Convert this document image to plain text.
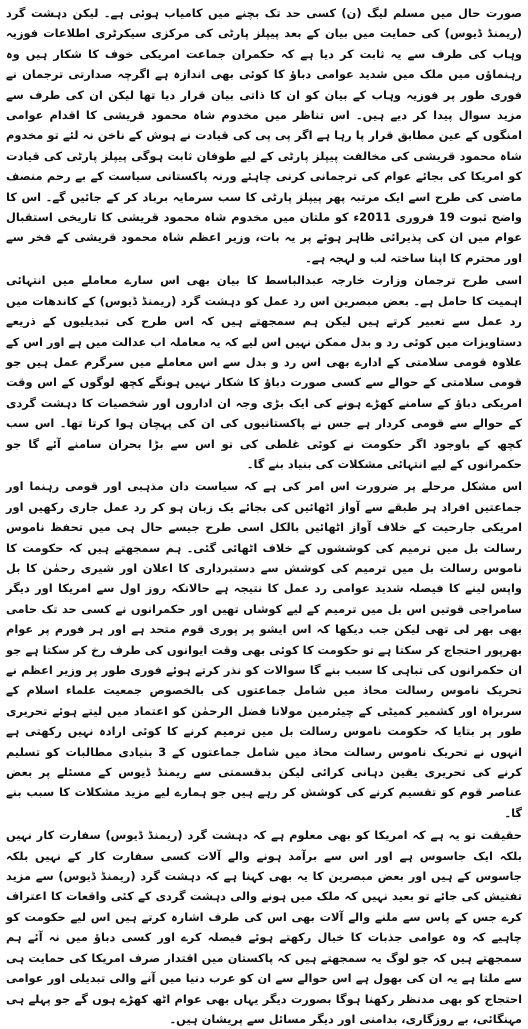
صورت حال میں مسلم لیگ (ن) کسی حد تک بچنے میں کامیاب ہوئی ہے۔ لیکن دہشت گرد (ریمنڈ ڈیوس) کی حمایت میں بیان کے بعد پیپلز پارٹی کی مرکزی سیکرٹری اطلاعات فوزیہ وہاب کی طرف سے یہ ثابت کر دیا ہے کہ حکمران جماعت امریکی خوف کا شکار ہیں وہ رہنماؤں میں ملک میں شدید عوامی دباؤ کا کوئی بھی اندازہ ہے اگرچہ صدارتی ترجمان نے فوری طور پر فوزیہ وہاب کے بیان کو ان کا ذاتی بیان قرار دیا تھا لیکن ان کی طرف سے مزید سوال پیدا کر دیے ہیں۔ اس تناظر میں مخدوم شاہ محمود قریشی کا اقدام عوامی امنگوں کے عین مطابق قرار پا رہا ہے اگر پی پی کی قیادت نے ہوش کے ناخن نہ لئے تو مخدوم شاہ محمود قریشی کی مخالفت پیپلز پارٹی کے لیے طوفان ثابت ہوگی پیپلز پارٹی کی قیادت کو امریکا کی بجائے عوام کی ترجمانی کرنی چاہئے ورنہ پاکستانی سیاست کے بے رحم منصف ماضی کی طرح اسے ایک مرتبہ پھر پیپلز پارٹی کا سب سرمایہ برباد کر کے جائیں گے۔ اس کا واضح ثبوت 19 فروری 2011ء کو ملتان میں مخدوم شاہ محمود قریشی کا تاریخی استقبال عوام میں ان کی پذیرائی ظاہر ہوئے پر یہ بات، وزیر اعظم شاہ محمود قریشی کے فخر سے اور محترم کا اپنا ساختہ لب و لہجہ ہے۔

اسی طرح ترجمان وزارت خارجہ عبدالباسط کا بیان بھی اس سارے معاملے میں انتہائی اہمیت کا حامل ہے۔ بعض مبصرین اس رد عمل کو دہشت گرد (ریمنڈ ڈیوس) کے کاندھات میں رد عمل سے تعبیر کرتے ہیں لیکن ہم سمجھتے ہیں کہ اس طرح کی تبدیلیوں کے ذریعے دستاویزات میں کوئی رد و بدل ممکن نہیں اس لیے کہ یہ معاملہ اب عدالت میں ہے اور اس کے علاوہ قومی سلامتی کے ادارے بھی اس رد و بدل سے اس معاملے میں سرگرم عمل ہیں جو قومی سلامتی کے حوالے سے کسی صورت دباؤ کا شکار نہیں ہونگے کچھ لوگوں کے اس وقت امریکی دباؤ کے سامنے کھڑے ہونے کی ایک بڑی وجہ ان اداروں اور شخصیات کا دہشت گردی کے حوالے سے قومی کردار ہے جس نے پاکستانیوں کی ان کی پہچان ہوا کرتا تھا۔ اس سب کچھ کے باوجود اگر حکومت نے کوئی غلطی کی تو اس سے بڑا بحران سامنے آئے گا جو حکمرانوں کے لیے انتہائی مشکلات کی بنیاد بنے گا۔

اس مشکل مرحلے پر ضرورت اس امر کی ہے کہ سیاست دان مذہبی اور قومی رہنما اور جماعتیں افراد ہر طبقے سے آواز اٹھائیں کی بجائے یک زبان ہو کر رد عمل جاری رکھیں اور امریکی جارحیت کے خلاف آواز اٹھائیں بالکل اسی طرح جیسے حال ہی میں تحفظ ناموس رسالت بل میں ترمیم کی کوششوں کے خلاف اٹھائی گئی۔ ہم سمجھتے ہیں کہ حکومت کا ناموس رسالت بل میں ترمیم کی کوشش سے دستبرداری کا اعلان اور شیری رحمٰن کا بل واپس لینے کا فیصلہ شدید عوامی رد عمل کا نتیجہ ہے حالانکہ روز اول سے امریکا اور دیگر سامراجی قوتیں اس بل میں ترمیم کے لیے کوشاں تھیں اور حکمرانوں نے کسی حد تک حامی بھی بھر لی تھی لیکن جب دیکھا کہ اس ایشو پر پوری قوم متحد ہے اور ہر فورم پر عوام بھرپور احتجاج کر سکتا ہے تو حکومت کا کوئی بھی وقت ایوانوں کی طرف رخ کر سکتا ہے جو ان حکمرانوں کی تباہی کا سبب بنے گا سوالات کو نذر کرتے ہوئے فوری طور پر وزیر اعظم نے تحریک ناموس رسالت محاذ میں شامل جماعتوں کی بالخصوص جمعیت علماء اسلام کے سربراہ اور کشمیر کمیٹی کے چیئرمین مولانا فضل الرحمٰن کو اعتماد میں لیتے ہوئے تحریری طور پر بتایا کہ حکومت ناموس رسالت بل میں ترمیم کرنے کا کوئی ارادہ نہیں رکھتی ہے انہوں نے تحریک ناموس رسالت محاذ میں شامل جماعتوں کے 3 بنیادی مطالبات کو تسلیم کرنے کی تحریری یقین دہانی کرائی لیکن بدقسمتی سے ریمنڈ ڈیوس کے مسئلے پر بعض عناصر قوم کو تقسیم کرنے کی کوشش کر رہے ہیں جو ہمارے لیے مزید مشکلات کا سبب بنے گا۔

حقیقت تو یہ ہے کہ امریکا کو بھی معلوم ہے کہ دہشت گرد (ریمنڈ ڈیوس) سفارت کار نہیں بلکہ ایک جاسوس ہے اور اس سے برآمد ہونے والے آلات کسی سفارت کار کے نہیں بلکہ جاسوس کے ہیں اور بعض مبصرین کا یہ بھی کہنا ہے کہ دہشت گرد (ریمنڈ ڈیوس) سے مزید تفتیش کی جائے تو بعید نہیں کہ ملک میں ہونے والی دہشت گردی کے کئی واقعات کا اعتراف کرے جس کے پاس سے ملنے والے آلات بھی اس کی طرف اشارہ کرتے ہیں اس لیے حکومت کو چاہیے کہ وہ عوامی جذبات کا خیال رکھتے ہوئے فیصلہ کرے اور کسی دباؤ میں نہ آئے ہم سمجھتے ہیں کہ جو لوگ یہ سمجھتے ہیں کہ پاکستان میں اقتدار صرف امریکا کی حمایت ہی سے ملتا ہے یہ ان کی بھول ہے اس حوالے سے ان کو عرب دنیا میں آنے والی تبدیلی اور عوامی احتجاج کو بھی مدنظر رکھنا ہوگا بصورت دیگر یہاں بھی عوام اٹھ کھڑے ہوں گے جو پہلے ہی مہنگائی، بے روزگاری، بدامنی اور دیگر مسائل سے پریشان ہیں۔
